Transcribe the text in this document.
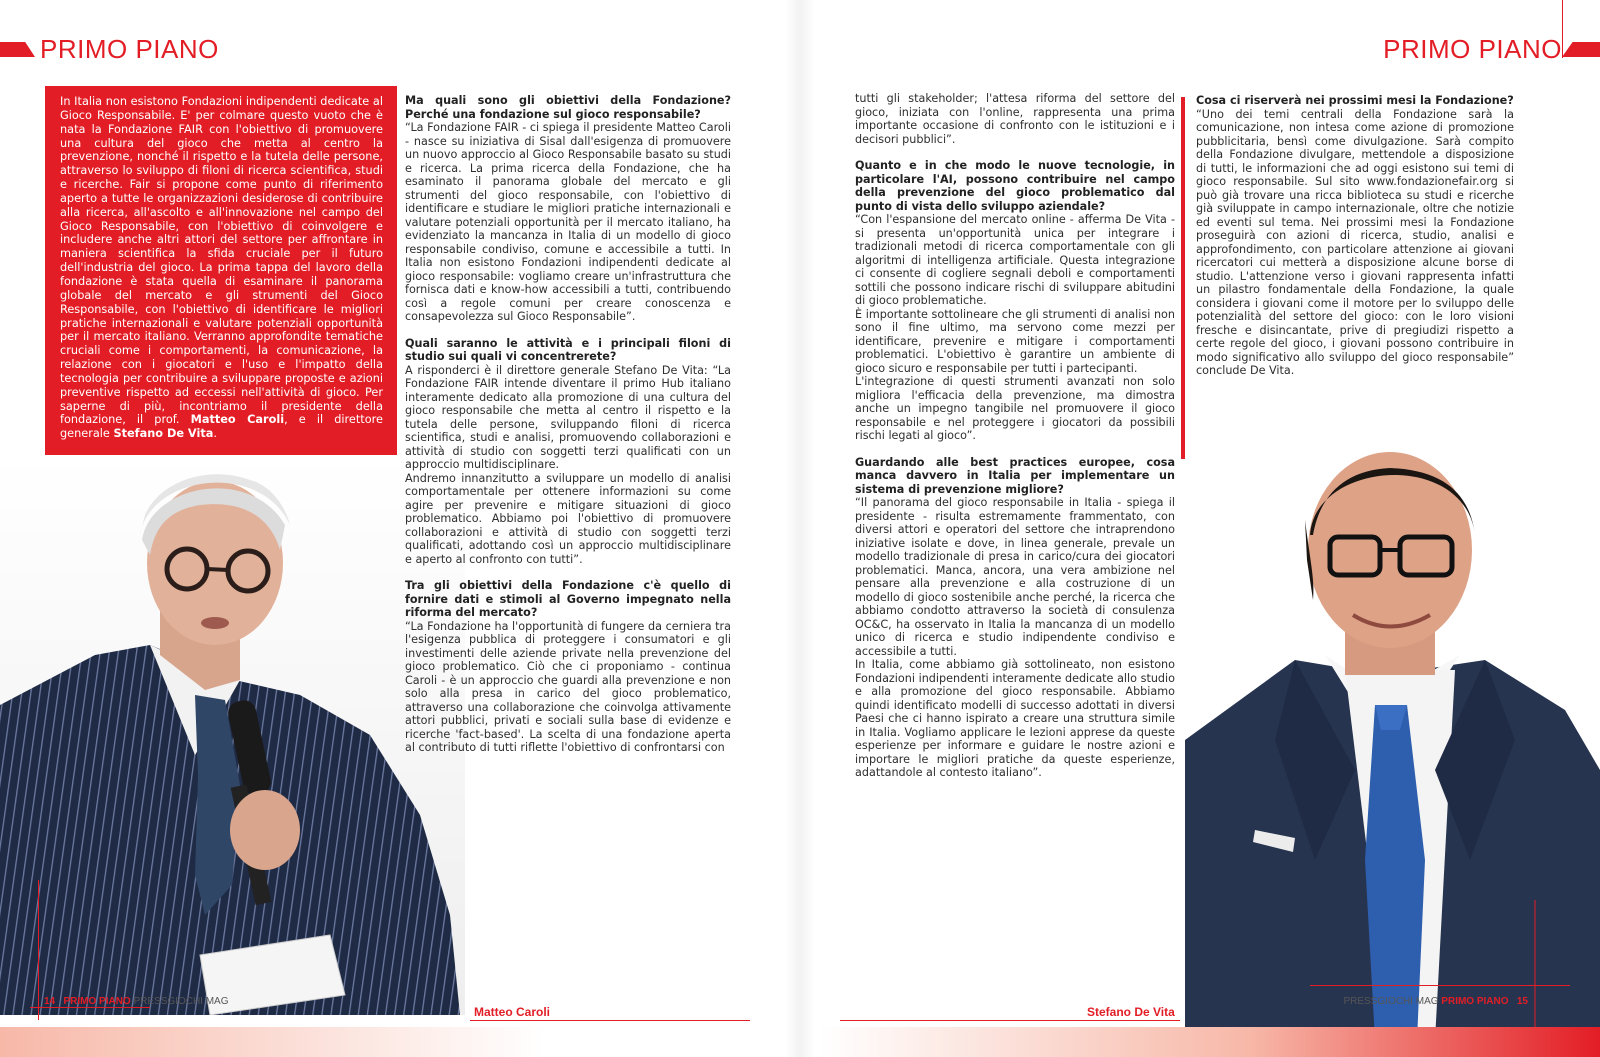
PRIMO PIANO
In Italia non esistono Fondazioni indipendenti dedicate al Gioco Responsabile. E' per colmare questo vuoto che è nata la Fondazione FAIR con l'obiettivo di promuovere una cultura del gioco che metta al centro la prevenzione, nonché il rispetto e la tutela delle persone, attraverso lo sviluppo di filoni di ricerca scientifica, studi e ricerche. Fair si propone come punto di riferimento aperto a tutte le organizzazioni desiderose di contribuire alla ricerca, all'ascolto e all'innovazione nel campo del Gioco Responsabile, con l'obiettivo di coinvolgere e includere anche altri attori del settore per affrontare in maniera scientifica la sfida cruciale per il futuro dell'industria del gioco. La prima tappa del lavoro della fondazione è stata quella di esaminare il panorama globale del mercato e gli strumenti del Gioco Responsabile, con l'obiettivo di identificare le migliori pratiche internazionali e valutare potenziali opportunità per il mercato italiano. Verranno approfondite tematiche cruciali come i comportamenti, la comunicazione, la relazione con i giocatori e l'uso e l'impatto della tecnologia per contribuire a sviluppare proposte e azioni preventive rispetto ad eccessi nell'attività di gioco. Per saperne di più, incontriamo il presidente della fondazione, il prof. Matteo Caroli, e il direttore generale Stefano De Vita.

Ma quali sono gli obiettivi della Fondazione? Perché una fondazione sul gioco responsabile?

“La Fondazione FAIR - ci spiega il presidente Matteo Caroli - nasce su iniziativa di Sisal dall'esigenza di promuovere un nuovo approccio al Gioco Responsabile basato su studi e ricerca. La prima ricerca della Fondazione, che ha esaminato il panorama globale del mercato e gli strumenti del gioco responsabile, con l'obiettivo di identificare e studiare le migliori pratiche internazionali e valutare potenziali opportunità per il mercato italiano, ha evidenziato la mancanza in Italia di un modello di gioco responsabile condiviso, comune e accessibile a tutti. In Italia non esistono Fondazioni indipendenti dedicate al gioco responsabile: vogliamo creare un'infrastruttura che fornisca dati e know-how accessibili a tutti, contribuendo così a regole comuni per creare conoscenza e consapevolezza sul Gioco Responsabile”.

Quali saranno le attività e i principali filoni di studio sui quali vi concentrerete?

A risponderci è il direttore generale Stefano De Vita: “La Fondazione FAIR intende diventare il primo Hub italiano interamente dedicato alla promozione di una cultura del gioco responsabile che metta al centro il rispetto e la tutela delle persone, sviluppando filoni di ricerca scientifica, studi e analisi, promuovendo collaborazioni e attività di studio con soggetti terzi qualificati con un approccio multidisciplinare.

Andremo innanzitutto a sviluppare un modello di analisi comportamentale per ottenere informazioni su come agire per prevenire e mitigare situazioni di gioco problematico. Abbiamo poi l'obiettivo di promuovere collaborazioni e attività di studio con soggetti terzi qualificati, adottando così un approccio multidisciplinare e aperto al confronto con tutti”.

Tra gli obiettivi della Fondazione c'è quello di fornire dati e stimoli al Governo impegnato nella riforma del mercato?

“La Fondazione ha l'opportunità di fungere da cerniera tra l'esigenza pubblica di proteggere i consumatori e gli investimenti delle aziende private nella prevenzione del gioco problematico. Ciò che ci proponiamo - continua Caroli - è un approccio che guardi alla prevenzione e non solo alla presa in carico del gioco problematico, attraverso una collaborazione che coinvolga attivamente attori pubblici, privati e sociali sulla base di evidenze e ricerche 'fact-based'. La scelta di una fondazione aperta al contributo di tutti riflette l'obiettivo di confrontarsi con

14 PRIMO PIANO PRESSGIOCHI MAG
Matteo Caroli
PRIMO PIANO

tutti gli stakeholder; l'attesa riforma del settore del gioco, iniziata con l'online, rappresenta una prima importante occasione di confronto con le istituzioni e i decisori pubblici”.

Quanto e in che modo le nuove tecnologie, in particolare l'AI, possono contribuire nel campo della prevenzione del gioco problematico dal punto di vista dello sviluppo aziendale?

“Con l'espansione del mercato online - afferma De Vita - si presenta un'opportunità unica per integrare i tradizionali metodi di ricerca comportamentale con gli algoritmi di intelligenza artificiale. Questa integrazione ci consente di cogliere segnali deboli e comportamenti sottili che possono indicare rischi di sviluppare abitudini di gioco problematiche.

È importante sottolineare che gli strumenti di analisi non sono il fine ultimo, ma servono come mezzi per identificare, prevenire e mitigare i comportamenti problematici. L'obiettivo è garantire un ambiente di gioco sicuro e responsabile per tutti i partecipanti.

L'integrazione di questi strumenti avanzati non solo migliora l'efficacia della prevenzione, ma dimostra anche un impegno tangibile nel promuovere il gioco responsabile e nel proteggere i giocatori da possibili rischi legati al gioco”.

Guardando alle best practices europee, cosa manca davvero in Italia per implementare un sistema di prevenzione migliore?

“Il panorama del gioco responsabile in Italia - spiega il presidente - risulta estremamente frammentato, con diversi attori e operatori del settore che intraprendono iniziative isolate e dove, in linea generale, prevale un modello tradizionale di presa in carico/cura dei giocatori problematici. Manca, ancora, una vera ambizione nel pensare alla prevenzione e alla costruzione di un modello di gioco sostenibile anche perché, la ricerca che abbiamo condotto attraverso la società di consulenza OC&C, ha osservato in Italia la mancanza di un modello unico di ricerca e studio indipendente condiviso e accessibile a tutti.

In Italia, come abbiamo già sottolineato, non esistono Fondazioni indipendenti interamente dedicate allo studio e alla promozione del gioco responsabile. Abbiamo quindi identificato modelli di successo adottati in diversi Paesi che ci hanno ispirato a creare una struttura simile in Italia. Vogliamo applicare le lezioni apprese da queste esperienze per informare e guidare le nostre azioni e importare le migliori pratiche da queste esperienze, adattandole al contesto italiano”.

Cosa ci riserverà nei prossimi mesi la Fondazione?

“Uno dei temi centrali della Fondazione sarà la comunicazione, non intesa come azione di promozione pubblicitaria, bensì come divulgazione. Sarà compito della Fondazione divulgare, mettendole a disposizione di tutti, le informazioni che ad oggi esistono sui temi di gioco responsabile. Sul sito www.fondazionefair.org si può già trovare una ricca biblioteca su studi e ricerche già sviluppate in campo internazionale, oltre che notizie ed eventi sul tema. Nei prossimi mesi la Fondazione proseguirà con azioni di ricerca, studio, analisi e approfondimento, con particolare attenzione ai giovani ricercatori cui metterà a disposizione alcune borse di studio. L'attenzione verso i giovani rappresenta infatti un pilastro fondamentale della Fondazione, la quale considera i giovani come il motore per lo sviluppo delle potenzialità del settore del gioco: con le loro visioni fresche e disincantate, prive di pregiudizi rispetto a certe regole del gioco, i giovani possono contribuire in modo significativo allo sviluppo del gioco responsabile” conclude De Vita.

Stefano De Vita
PRESSGIOCHI MAG PRIMO PIANO 15
